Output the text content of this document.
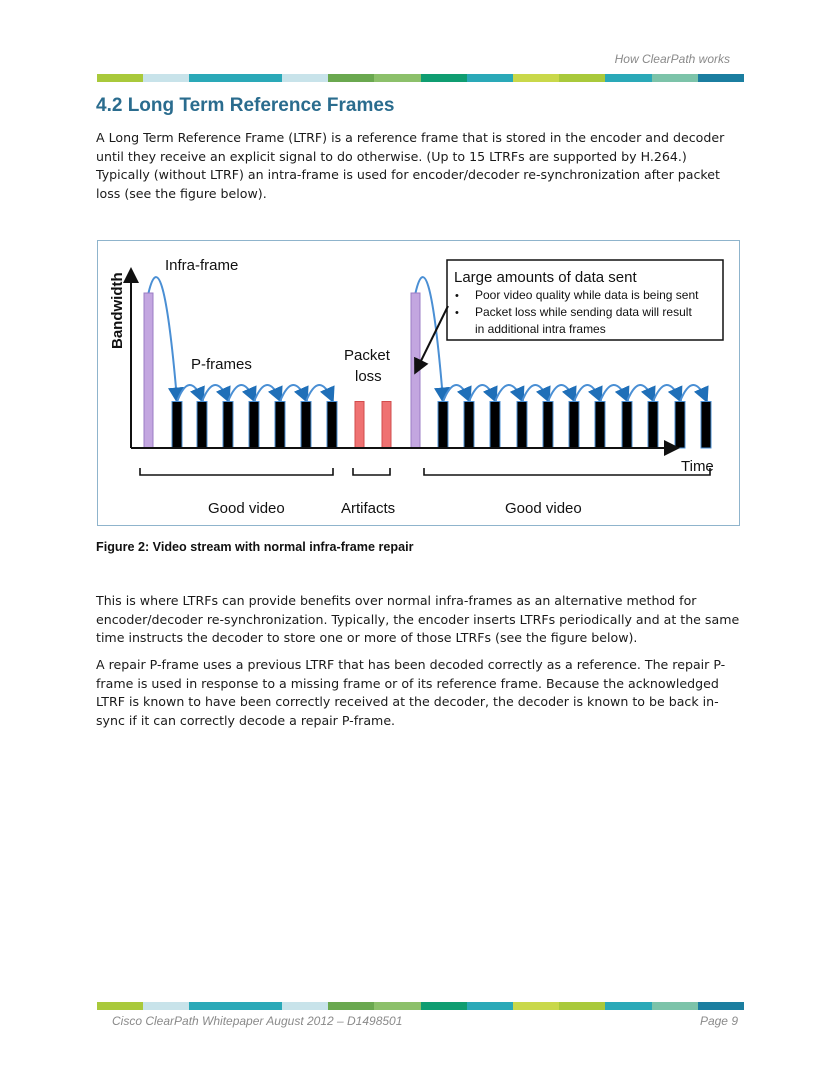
How ClearPath works
4.2 Long Term Reference Frames

A Long Term Reference Frame (LTRF) is a reference frame that is stored in the encoder and decoder until they receive an explicit signal to do otherwise. (Up to 15 LTRFs are supported by H.264.) Typically (without LTRF) an intra-frame is used for encoder/decoder re-synchronization after packet loss (see the figure below).

Bandwidth
Time
Infra-frame
P-frames
Packet
loss
Large amounts of data sent
• Poor video quality while data is being sent
• Packet loss while sending data will result
in additional intra frames
Good video	Artifacts	Good video

Figure 2: Video stream with normal infra-frame repair

This is where LTRFs can provide benefits over normal infra-frames as an alternative method for encoder/decoder re-synchronization. Typically, the encoder inserts LTRFs periodically and at the same time instructs the decoder to store one or more of those LTRFs (see the figure below).

A repair P-frame uses a previous LTRF that has been decoded correctly as a reference. The repair P-frame is used in response to a missing frame or of its reference frame. Because the acknowledged LTRF is known to have been correctly received at the decoder, the decoder is known to be back in-sync if it can correctly decode a repair P-frame.

Cisco ClearPath Whitepaper August 2012 – D1498501	Page 9
